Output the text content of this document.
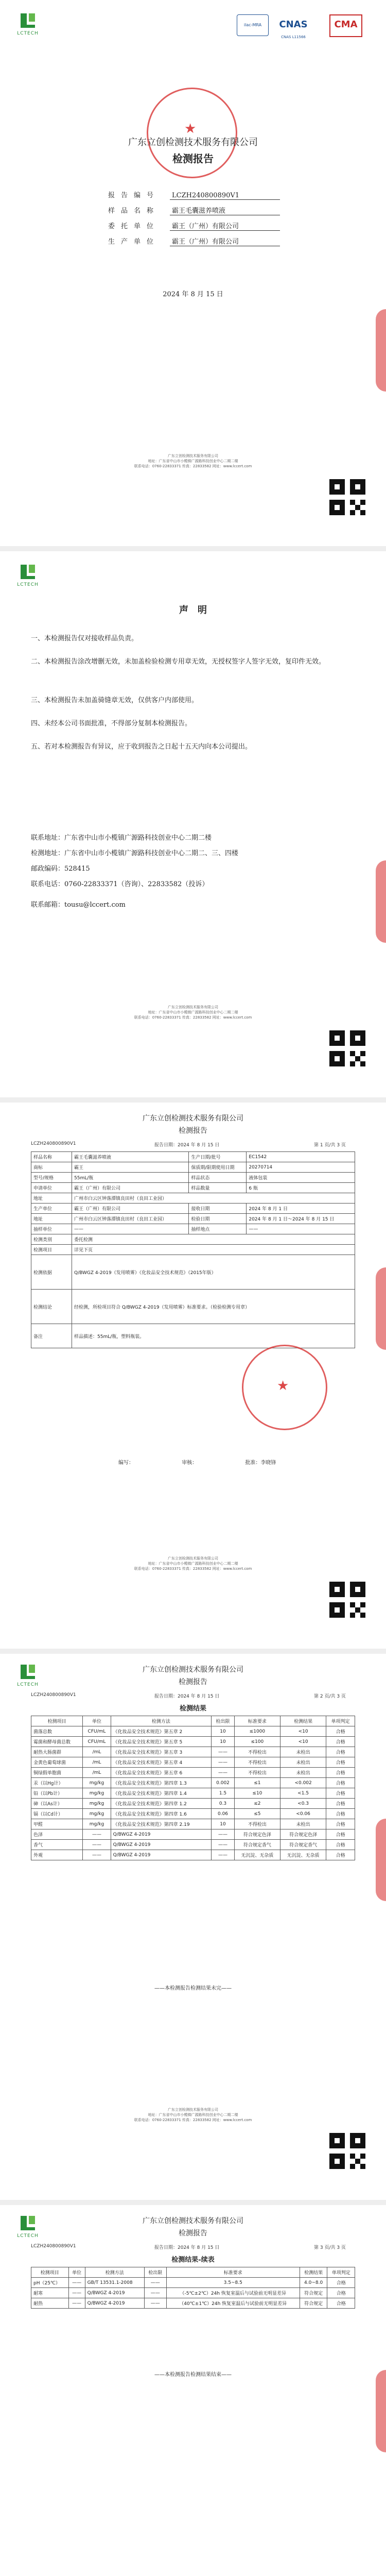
LCTECH
ilac-MRA	CNAS	CMA
CNAS L11566
★
广东立创检测技术服务有限公司
检测报告
报告编号 LCZH240800890V1
样品名称 霸王毛囊滋养喷液
委托单位 霸王（广州）有限公司
生产单位 霸王（广州）有限公司
2024 年 8 月 15 日
广东立创检测技术服务有限公司
地址：广东省中山市小榄镇广源路科技创业中心二期二楼
联系电话：0760-22833371 传真：22833582 网址：www.lccert.com
LCTECH
声　明
一、本检测报告仅对接收样品负责。
二、本检测报告涂改增删无效，未加盖检验检测专用章无效，无授权签字人签字无效，复印件无效。
三、本检测报告未加盖骑缝章无效，仅供客户内部使用。
四、未经本公司书面批准，不得部分复制本检测报告。
五、若对本检测报告有异议，应于收到报告之日起十五天内向本公司提出。
联系地址：广东省中山市小榄镇广源路科技创业中心二期二楼
检测地址：广东省中山市小榄镇广源路科技创业中心二期二、三、四楼
邮政编码：528415
联系电话：0760-22833371（咨询）、22833582（投诉）
联系邮箱：tousu@lccert.com
广东立创检测技术服务有限公司
地址：广东省中山市小榄镇广源路科技创业中心二期二楼
联系电话：0760-22833371 传真：22833582 网址：www.lccert.com
广东立创检测技术服务有限公司
检测报告
LCZH240800890V1	报告日期：2024 年 8 月 15 日	第 1 页/共 3 页
样品名称	霸王毛囊滋养喷液	生产日期/批号	EC1542
商标	霸王	保质期/限期使用日期	20270714
型号/规格	55mL/瓶	样品状态	液体包装
申请单位	霸王（广州）有限公司	样品数量	6 瓶
地址	广州市白云区钟落潭镇良田村（良田工业园）		
生产单位	霸王（广州）有限公司	接收日期	2024 年 8 月 1 日
地址	广州市白云区钟落潭镇良田村（良田工业园）	检验日期	2024 年 8 月 1 日～2024 年 8 月 15 日
抽样单位	——	抽样地点	——
检测类别	委托检测		
检测项目	详见下页		
检测依据	Q/BWGZ 4-2019（发用喷雾）《化妆品安全技术规范》（2015年版）		
检测结论	经检测，所检项目符合 Q/BWGZ 4-2019（发用喷雾）标准要求。（检验检测专用章）		
备注	样品描述：55mL/瓶，塑料瓶装。		
★
编写：	审核：	批准：李晓锋
广东立创检测技术服务有限公司
地址：广东省中山市小榄镇广源路科技创业中心二期二楼
联系电话：0760-22833371 传真：22833582 网址：www.lccert.com
LCTECH
广东立创检测技术服务有限公司
检测报告
LCZH240800890V1	报告日期：2024 年 8 月 15 日	第 2 页/共 3 页
检测结果
检测项目	单位	检测方法	检出限	标准要求	检测结果	单项判定
菌落总数	CFU/mL	《化妆品安全技术规范》第五章 2	10	≤1000	<10	合格
霉菌和酵母菌总数	CFU/mL	《化妆品安全技术规范》第五章 5	10	≤100	<10	合格
耐热大肠菌群	/mL	《化妆品安全技术规范》第五章 3	——	不得检出	未检出	合格
金黄色葡萄球菌	/mL	《化妆品安全技术规范》第五章 4	——	不得检出	未检出	合格
铜绿假单胞菌	/mL	《化妆品安全技术规范》第五章 6	——	不得检出	未检出	合格
汞（以Hg计）	mg/kg	《化妆品安全技术规范》第四章 1.3	0.002	≤1	<0.002	合格
铅（以Pb计）	mg/kg	《化妆品安全技术规范》第四章 1.4	1.5	≤10	<1.5	合格
砷（以As计）	mg/kg	《化妆品安全技术规范》第四章 1.2	0.3	≤2	<0.3	合格
镉（以Cd计）	mg/kg	《化妆品安全技术规范》第四章 1.6	0.06	≤5	<0.06	合格
甲醛	mg/kg	《化妆品安全技术规范》第四章 2.19	10	不得检出	未检出	合格
色泽	——	Q/BWGZ 4-2019	——	符合规定色泽	符合规定色泽	合格
香气	——	Q/BWGZ 4-2019	——	符合规定香气	符合规定香气	合格
外观	——	Q/BWGZ 4-2019	——	无沉淀、无杂质	无沉淀、无杂质	合格
——本检测报告检测结果未完——
广东立创检测技术服务有限公司
地址：广东省中山市小榄镇广源路科技创业中心二期二楼
联系电话：0760-22833371 传真：22833582 网址：www.lccert.com
LCTECH
广东立创检测技术服务有限公司
检测报告
LCZH240800890V1	报告日期：2024 年 8 月 15 日	第 3 页/共 3 页
检测结果-续表
检测项目	单位	检测方法	检出限	标准要求	检测结果	单项判定
pH（25℃）	——	GB/T 13531.1-2008	——	3.5~8.5	4.0~8.0	合格
耐寒	——	Q/BWGZ 4-2019	——	（-5℃±2℃）24h 恢复室温后与试验前无明显差异	符合规定	合格
耐热	——	Q/BWGZ 4-2019	——	（40℃±1℃）24h 恢复室温后与试验前无明显差异	符合规定	合格
——本检测报告检测结果结束——
